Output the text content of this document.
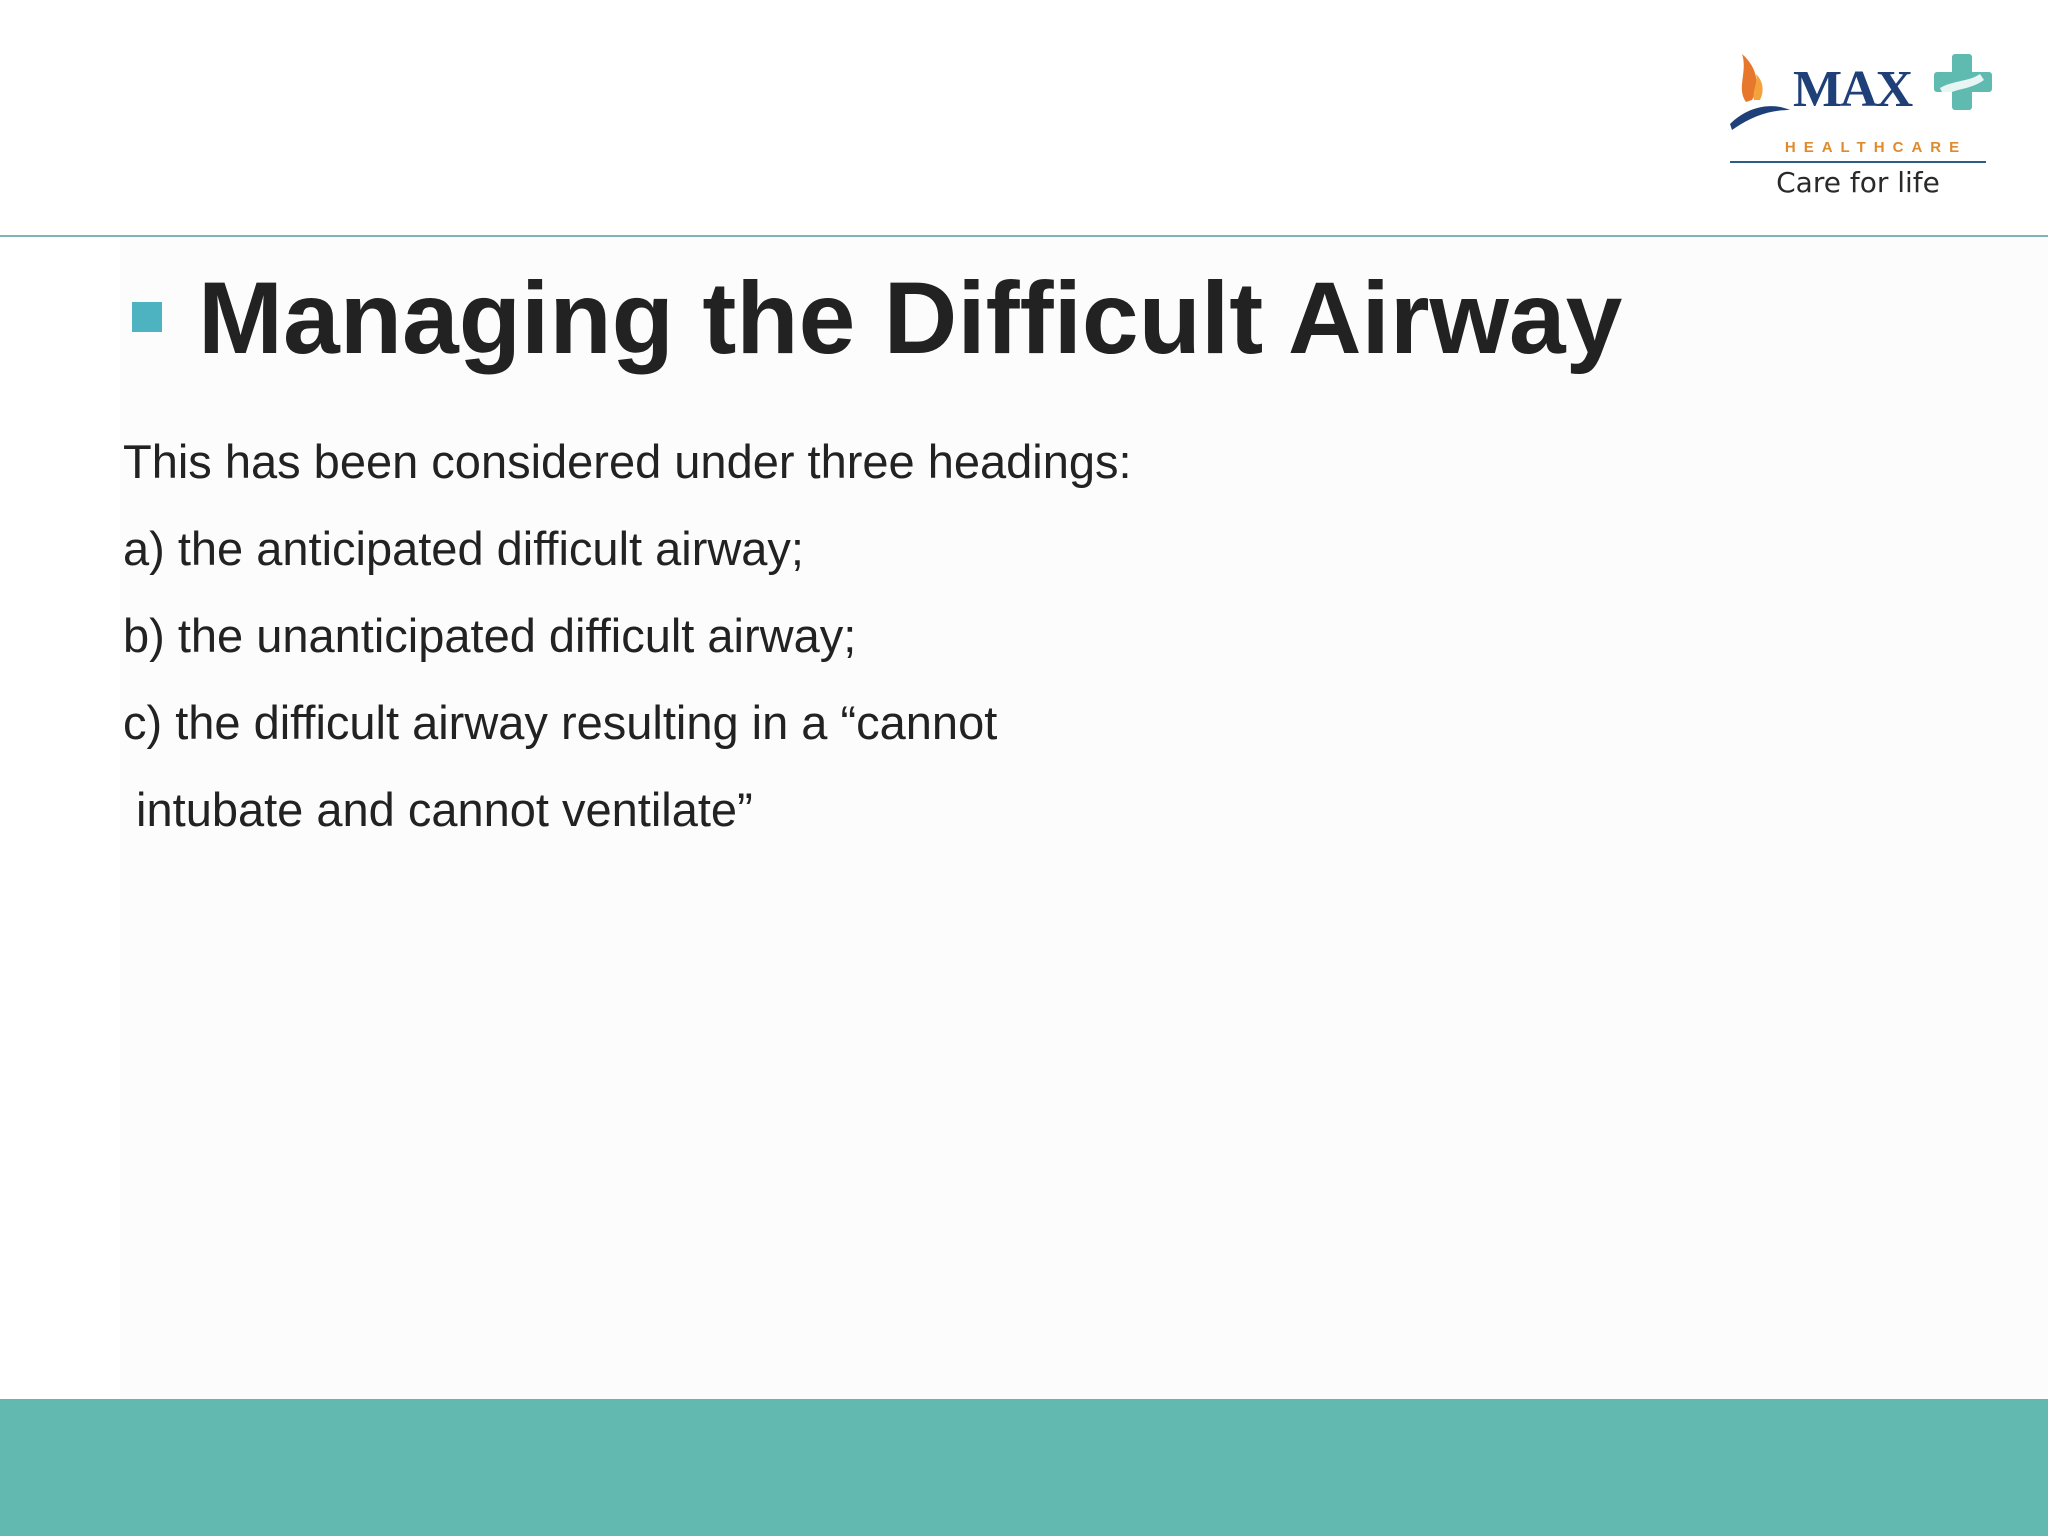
MAX
HEALTHCARE
Care for life
Managing the Difficult Airway
This has been considered under three headings:
a) the anticipated difficult airway;
b) the unanticipated difficult airway;
c) the difficult airway resulting in a “cannot
intubate and cannot ventilate”
